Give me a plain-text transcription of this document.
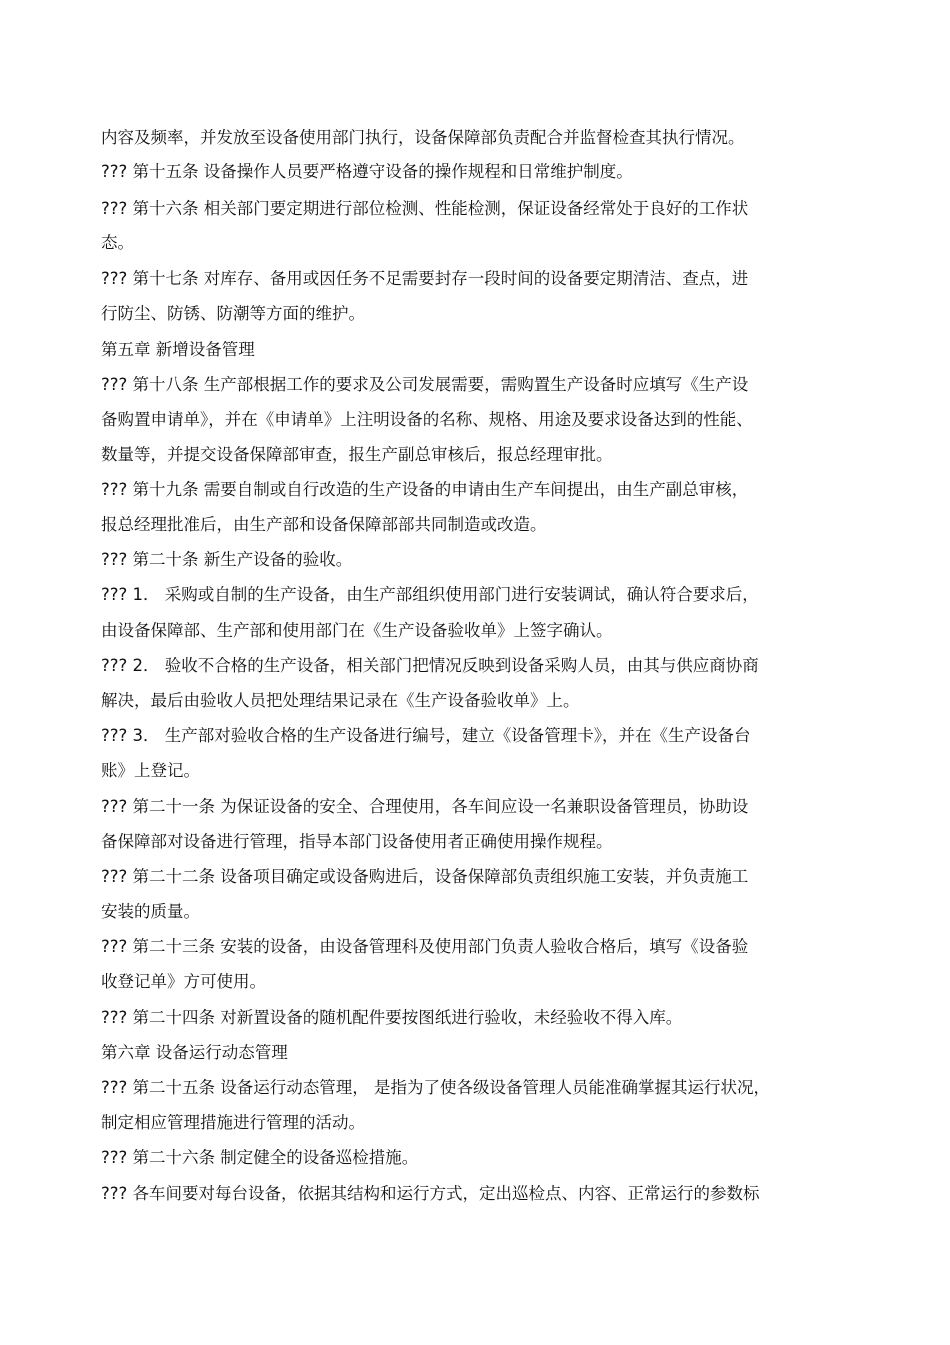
内容及频率，并发放至设备使用部门执行，设备保障部负责配合并监督检查其执行情况。
??? 第十五条 设备操作人员要严格遵守设备的操作规程和日常维护制度。
??? 第十六条 相关部门要定期进行部位检测、性能检测，保证设备经常处于良好的工作状
态。
??? 第十七条 对库存、备用或因任务不足需要封存一段时间的设备要定期清洁、查点，进
行防尘、防锈、防潮等方面的维护。
第五章 新增设备管理
??? 第十八条 生产部根据工作的要求及公司发展需要，需购置生产设备时应填写《生产设
备购置申请单》，并在《申请单》上注明设备的名称、规格、用途及要求设备达到的性能、
数量等，并提交设备保障部审查，报生产副总审核后，报总经理审批。
??? 第十九条 需要自制或自行改造的生产设备的申请由生产车间提出，由生产副总审核，
报总经理批准后，由生产部和设备保障部部共同制造或改造。
??? 第二十条 新生产设备的验收。
??? 1． 采购或自制的生产设备，由生产部组织使用部门进行安装调试，确认符合要求后，
由设备保障部、生产部和使用部门在《生产设备验收单》上签字确认。
??? 2． 验收不合格的生产设备，相关部门把情况反映到设备采购人员，由其与供应商协商
解决，最后由验收人员把处理结果记录在《生产设备验收单》上。
??? 3． 生产部对验收合格的生产设备进行编号，建立《设备管理卡》，并在《生产设备台
账》上登记。
??? 第二十一条 为保证设备的安全、合理使用，各车间应设一名兼职设备管理员，协助设
备保障部对设备进行管理，指导本部门设备使用者正确使用操作规程。
??? 第二十二条 设备项目确定或设备购进后，设备保障部负责组织施工安装，并负责施工
安装的质量。
??? 第二十三条 安装的设备，由设备管理科及使用部门负责人验收合格后，填写《设备验
收登记单》方可使用。
??? 第二十四条 对新置设备的随机配件要按图纸进行验收，未经验收不得入库。
第六章 设备运行动态管理
??? 第二十五条 设备运行动态管理， 是指为了使各级设备管理人员能准确掌握其运行状况，
制定相应管理措施进行管理的活动。
??? 第二十六条 制定健全的设备巡检措施。
??? 各车间要对每台设备，依据其结构和运行方式，定出巡检点、内容、正常运行的参数标
